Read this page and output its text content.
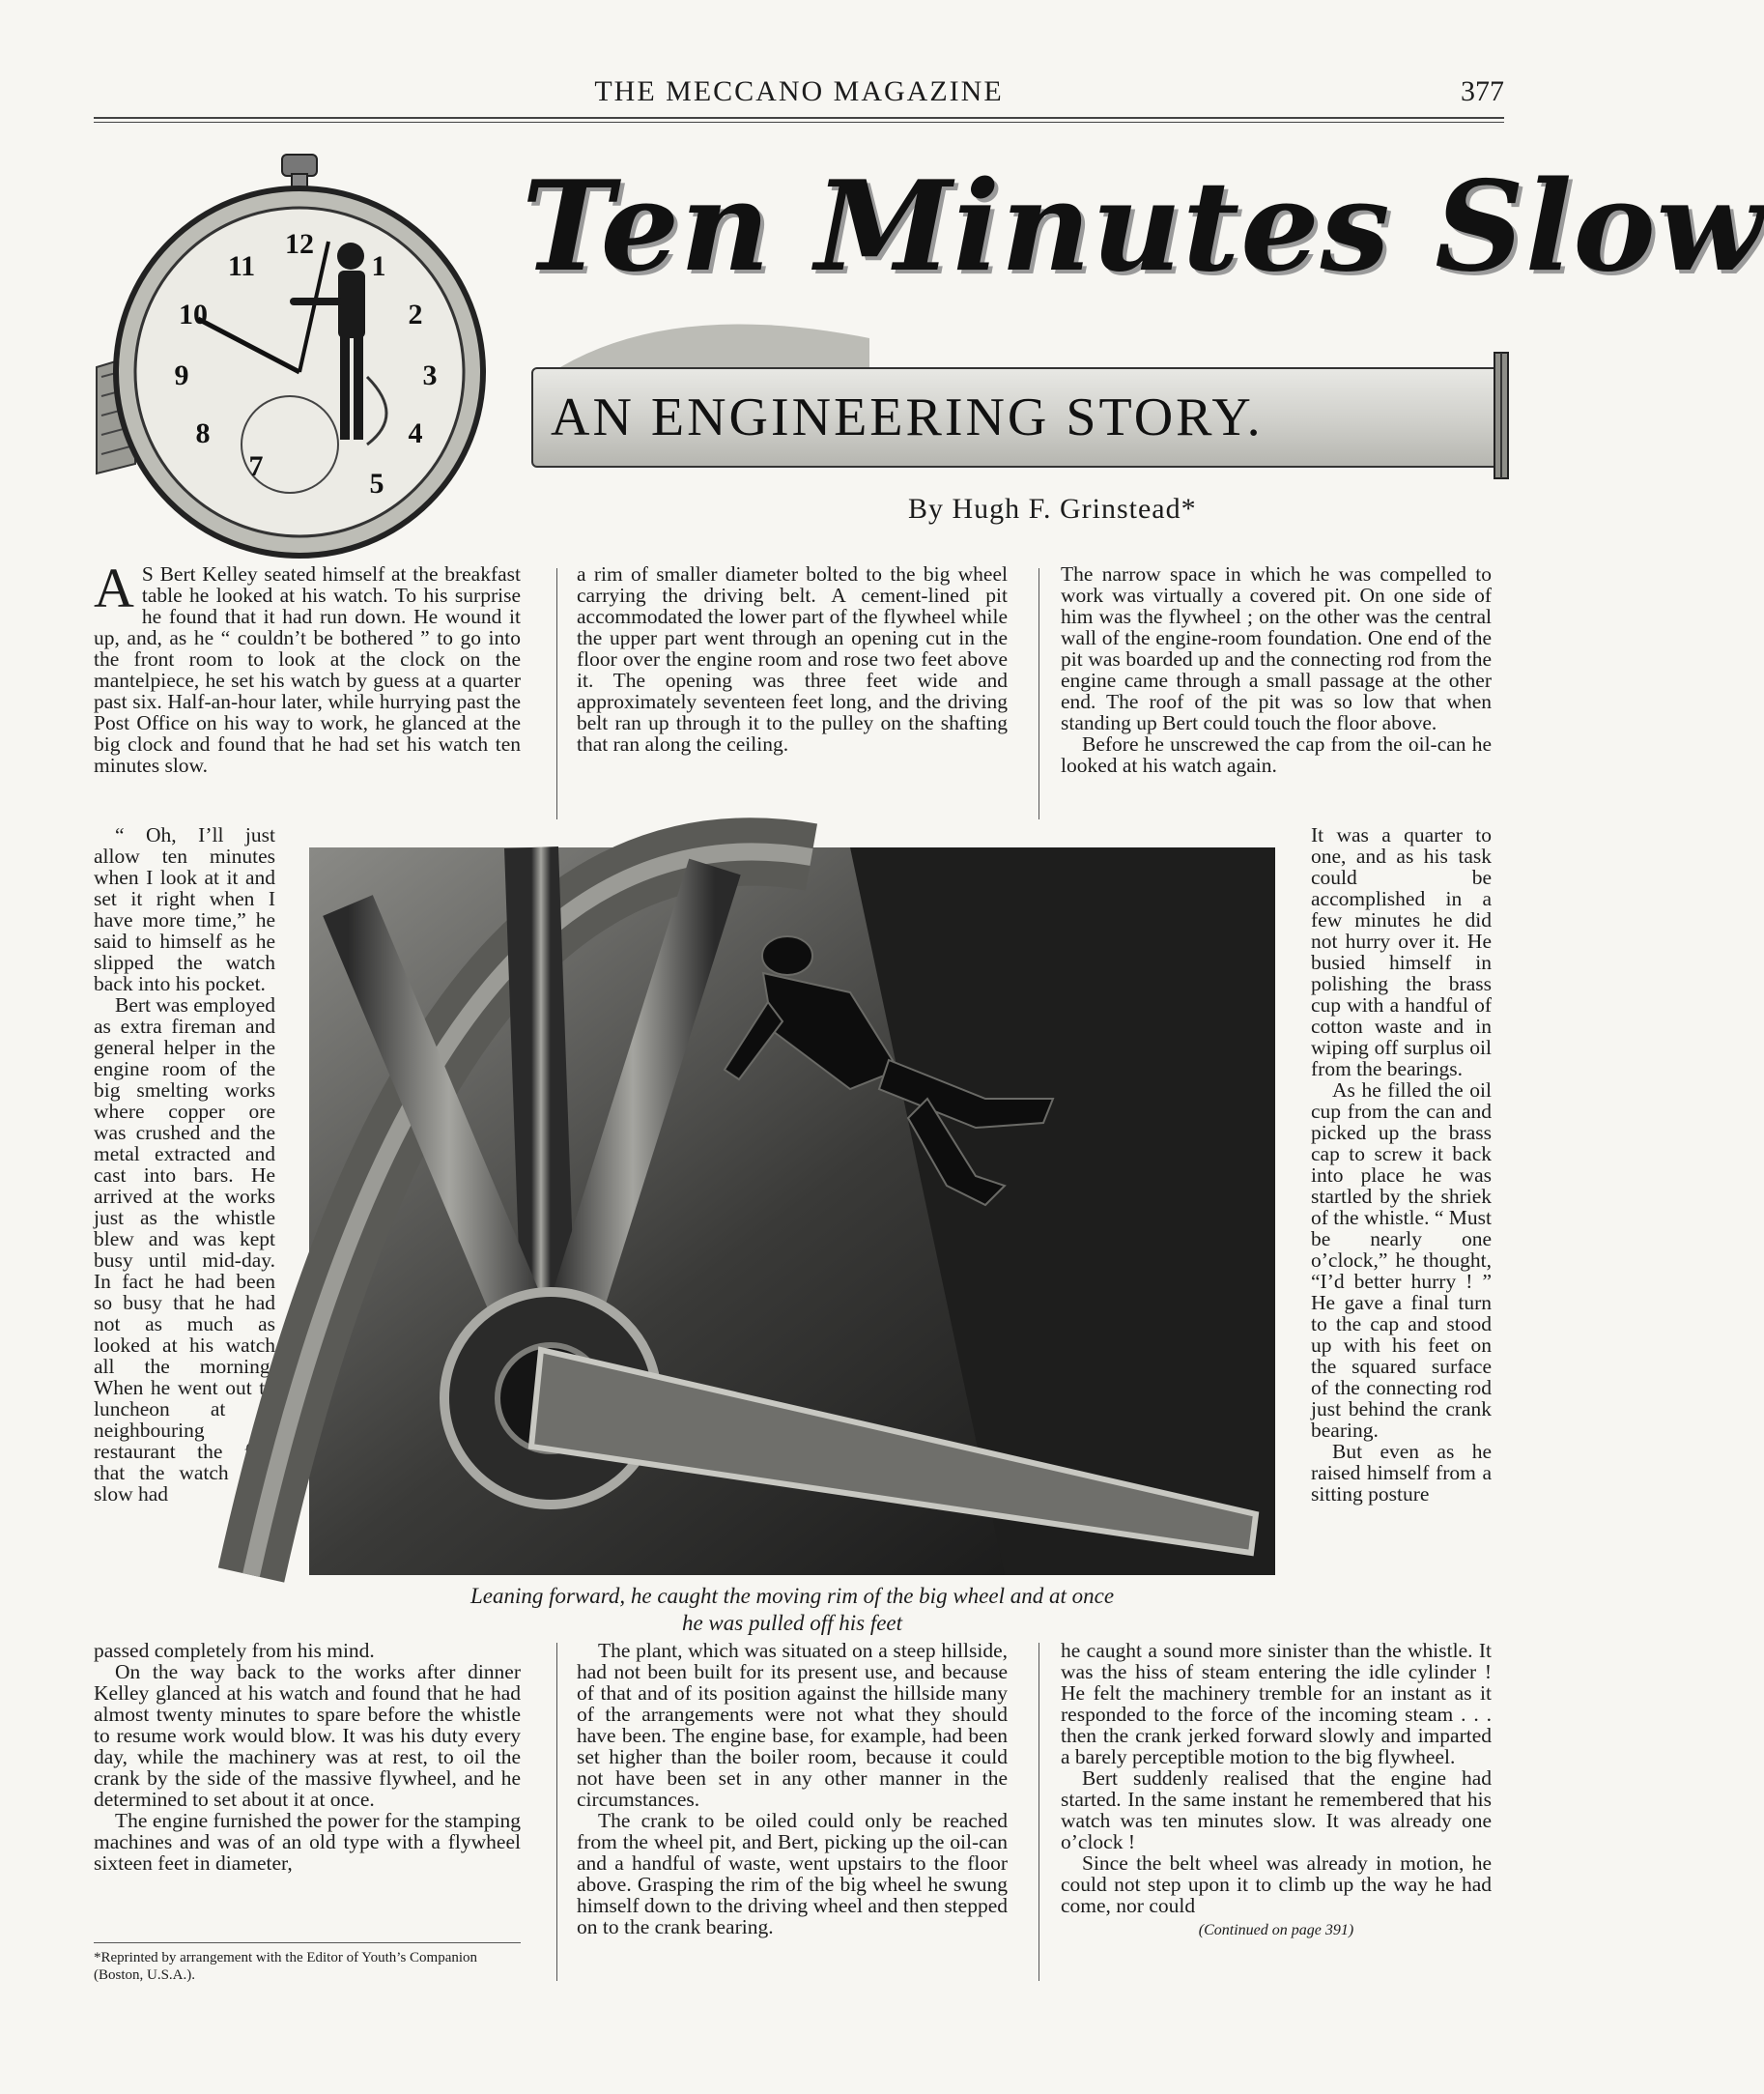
THE MECCANO MAGAZINE	377
12
1
2
3
4
5
7
8
9
10
11 Ten Minutes Slow
AN ENGINEERING STORY.
By Hugh F. Grinstead*

A S Bert Kelley seated himself at the breakfast table he looked at his watch. To his surprise he found that it had run down. He wound it up, and, as he “ couldn’t be bothered ” to go into the front room to look at the clock on the mantelpiece, he set his watch by guess at a quarter past six. Half-an-hour later, while hurrying past the Post Office on his way to work, he glanced at the big clock and found that he had set his watch ten minutes slow.

“ Oh, I’ll just allow ten minutes when I look at it and set it right when I have more time,” he said to himself as he slipped the watch back into his pocket.

Bert was employed as extra fireman and general helper in the engine room of the big smelting works where copper ore was crushed and the metal extracted and cast into bars. He arrived at the works just as the whistle blew and was kept busy until mid-day. In fact he had been so busy that he had not as much as looked at his watch all the morning. When he went out to luncheon at a neighbouring restaurant the fact that the watch was slow had

passed completely from his mind.

On the way back to the works after dinner Kelley glanced at his watch and found that he had almost twenty minutes to spare before the whistle to resume work would blow. It was his duty every day, while the machinery was at rest, to oil the crank by the side of the massive flywheel, and he determined to set about it at once.

The engine furnished the power for the stamping machines and was of an old type with a flywheel sixteen feet in diameter,

*Reprinted by arrangement with the Editor of Youth’s Companion (Boston, U.S.A.).

a rim of smaller diameter bolted to the big wheel carrying the driving belt. A cement-lined pit accommodated the lower part of the flywheel while the upper part went through an opening cut in the floor over the engine room and rose two feet above it. The opening was three feet wide and approximately seventeen feet long, and the driving belt ran up through it to the pulley on the shafting that ran along the ceiling.

The plant, which was situated on a steep hillside, had not been built for its present use, and because of that and of its position against the hillside many of the arrangements were not what they should have been. The engine base, for example, had been set higher than the boiler room, because it could not have been set in any other manner in the circumstances.

The crank to be oiled could only be reached from the wheel pit, and Bert, picking up the oil-can and a handful of waste, went upstairs to the floor above. Grasping the rim of the big wheel he swung himself down to the driving wheel and then stepped on to the crank bearing.

The narrow space in which he was compelled to work was virtually a covered pit. On one side of him was the flywheel ; on the other was the central wall of the engine-room foundation. One end of the pit was boarded up and the connecting rod from the engine came through a small passage at the other end. The roof of the pit was so low that when standing up Bert could touch the floor above.

Before he unscrewed the cap from the oil-can he looked at his watch again.

It was a quarter to one, and as his task could be accomplished in a few minutes he did not hurry over it. He busied himself in polishing the brass cup with a handful of cotton waste and in wiping off surplus oil from the bearings.

As he filled the oil cup from the can and picked up the brass cap to screw it back into place he was startled by the shriek of the whistle. “ Must be nearly one o’clock,” he thought, “I’d better hurry ! ” He gave a final turn to the cap and stood up with his feet on the squared surface of the connecting rod just behind the crank bearing.

But even as he raised himself from a sitting posture

he caught a sound more sinister than the whistle. It was the hiss of steam entering the idle cylinder ! He felt the machinery tremble for an instant as it responded to the force of the incoming steam . . . then the crank jerked forward slowly and imparted a barely perceptible motion to the big flywheel.

Bert suddenly realised that the engine had started. In the same instant he remembered that his watch was ten minutes slow. It was already one o’clock !

Since the belt wheel was already in motion, he could not step upon it to climb up the way he had come, nor could

(Continued on page 391)
Leaning forward, he caught the moving rim of the big wheel and at once
he was pulled off his feet
